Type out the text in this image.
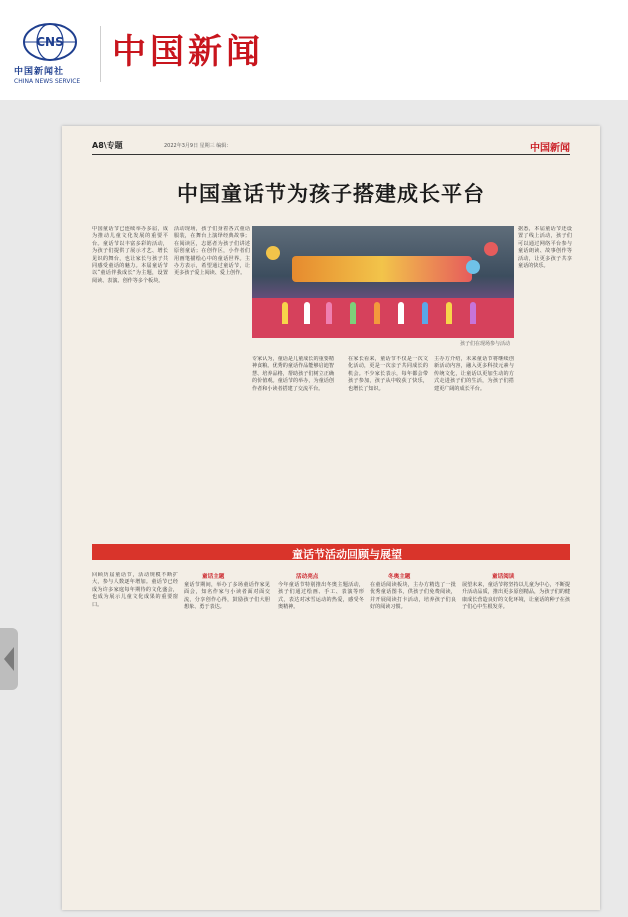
CNS
中国新闻社
CHINA NEWS SERVICE
中国新闻
A8\专题	2022年3月9日 星期三 编辑：	中国新闻
中国童话节为孩子搭建成长平台
中国童话节已连续举办多届，成为推动儿童文化发展的重要平台。童话节以丰富多彩的活动，为孩子们提供了展示才艺、增长见识的舞台，也让家长与孩子共同感受童话的魅力。本届童话节以“童话伴我成长”为主题，设置阅读、表演、创作等多个板块。
活动现场，孩子们身着各式童话服装，在舞台上演绎经典故事；在阅读区，志愿者为孩子们讲述原创童话；在创作区，小作者们用画笔描绘心中的童话世界。主办方表示，希望通过童话节，让更多孩子爱上阅读、爱上创作。
孩子们在现场参与活动
专家认为，童话是儿童成长的重要精神食粮。优秀的童话作品能够启迪智慧、培养品格，帮助孩子们树立正确的价值观。童话节的举办，为童话创作者和小读者搭建了交流平台。
在家长看来，童话节不仅是一次文化活动，更是一次亲子共同成长的机会。不少家长表示，每年都会带孩子参加，孩子从中收获了快乐，也增长了知识。
主办方介绍，未来童话节将继续创新活动内容，融入更多科技元素与传统文化，让童话以更加生动的方式走进孩子们的生活，为孩子们搭建更广阔的成长平台。
据悉，本届童话节还设置了线上活动，孩子们可以通过网络平台参与童话朗读、故事创作等活动，让更多孩子共享童话的快乐。
童话节活动回顾与展望
回顾历届童话节，活动规模不断扩大，参与人数逐年增加。童话节已经成为许多家庭每年期待的文化盛会，也成为展示儿童文化成果的重要窗口。
童话节期间，举办了多场童话作家见面会，知名作家与小读者面对面交流，分享创作心得，鼓励孩子们大胆想象、勇于表达。
童话主题
今年童话节特别推出冬奥主题活动，孩子们通过绘画、手工、表演等形式，表达对冰雪运动的热爱，感受冬奥精神。
活动亮点
在童话阅读板块，主办方精选了一批优秀童话图书，供孩子们免费阅读，并开展阅读打卡活动，培养孩子们良好的阅读习惯。
冬奥主题
展望未来，童话节将坚持以儿童为中心，不断提升活动品质，推出更多原创精品，为孩子们的健康成长营造良好的文化环境，让童话的种子在孩子们心中生根发芽。
童话阅读
